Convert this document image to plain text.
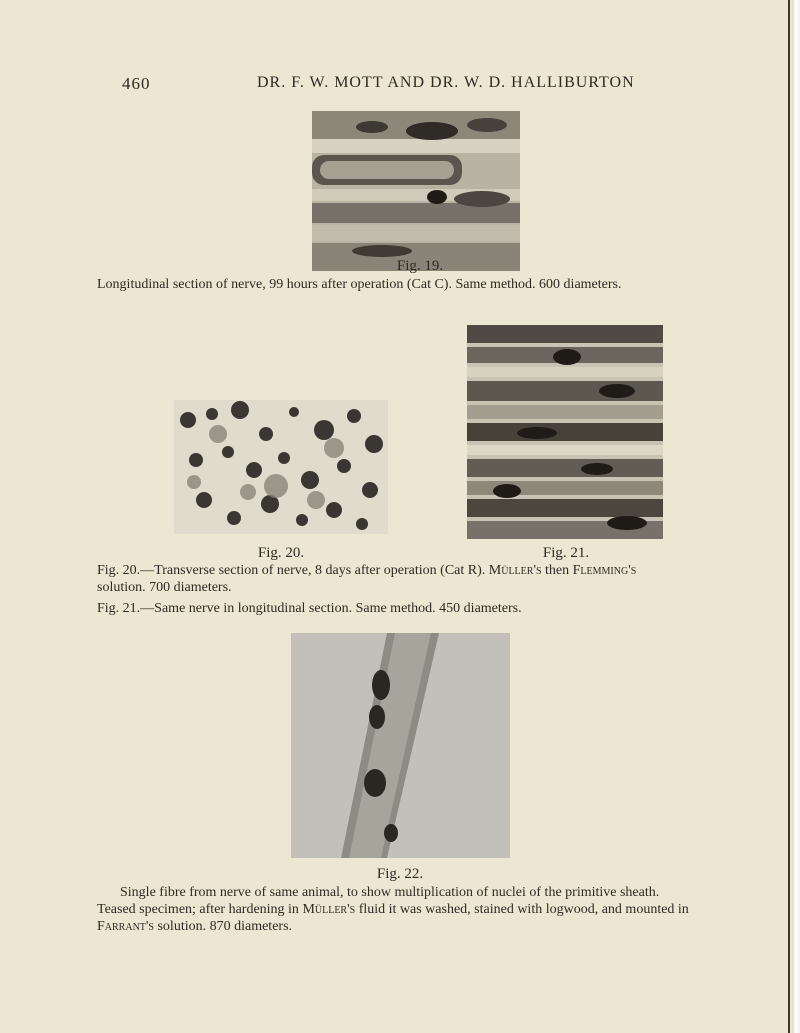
460	DR. F. W. MOTT AND DR. W. D. HALLIBURTON
Fig. 19.
Longitudinal section of nerve, 99 hours after operation (Cat C). Same method. 600 diameters.
Fig. 20.	Fig. 21.

Fig. 20.—Transverse section of nerve, 8 days after operation (Cat R). Müller's then Flemming's

solution. 700 diameters.

Fig. 21.—Same nerve in longitudinal section. Same method. 450 diameters.

Fig. 22.

Single fibre from nerve of same animal, to show multiplication of nuclei of the primitive sheath.

Teased specimen; after hardening in Müller's fluid it was washed, stained with logwood, and mounted in

Farrant's solution. 870 diameters.
